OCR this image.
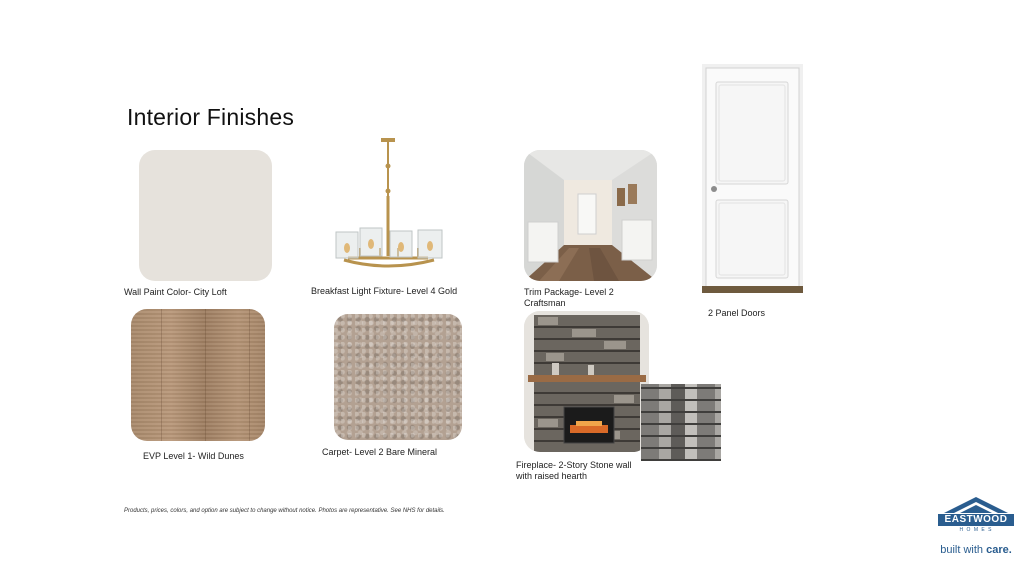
Interior Finishes
Wall Paint Color- City Loft	Breakfast Light Fixture- Level 4 Gold	Trim Package- Level 2
Craftsman
2 Panel Doors
EVP Level 1- Wild Dunes	Carpet- Level 2 Bare Mineral
Fireplace- 2-Story Stone wall
with raised hearth
Products, prices, colors, and option are subject to change without notice. Photos are representative. See NHS for details.
EASTWOOD
H O M E S
built with care.
